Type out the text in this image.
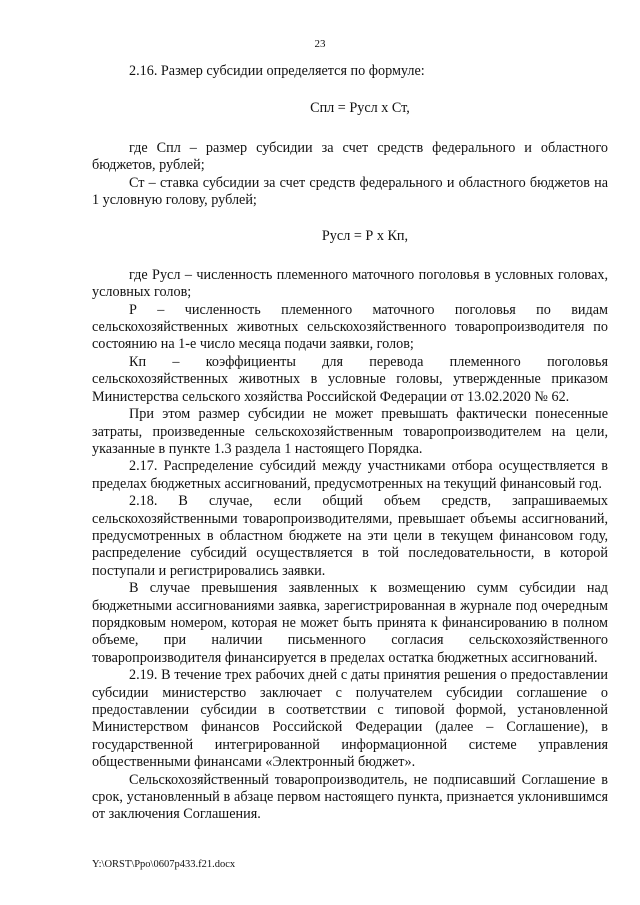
23

2.16. Размер субсидии определяется по формуле:

Спл = Русл х Ст,

где Спл – размер субсидии за счет средств федерального и областного бюджетов, рублей;

Ст – ставка субсидии за счет средств федерального и областного бюджетов на 1 условную голову, рублей;

Русл = Р х Кп,

где Русл – численность племенного маточного поголовья в условных головах, условных голов;

Р – численность племенного маточного поголовья по видам сельскохозяйственных животных сельскохозяйственного товаропроизводителя по состоянию на 1-е число месяца подачи заявки, голов;

Кп – коэффициенты для перевода племенного поголовья сельскохозяйственных животных в условные головы, утвержденные приказом Министерства сельского хозяйства Российской Федерации от 13.02.2020 № 62.

При этом размер субсидии не может превышать фактически понесенные затраты, произведенные сельскохозяйственным товаропроизводителем на цели, указанные в пункте 1.3 раздела 1 настоящего Порядка.

2.17. Распределение субсидий между участниками отбора осуществляется в пределах бюджетных ассигнований, предусмотренных на текущий финансовый год.

2.18. В случае, если общий объем средств, запрашиваемых сельскохозяйственными товаропроизводителями, превышает объемы ассигнований, предусмотренных в областном бюджете на эти цели в текущем финансовом году, распределение субсидий осуществляется в той последовательности, в которой поступали и регистрировались заявки.

В случае превышения заявленных к возмещению сумм субсидии над бюджетными ассигнованиями заявка, зарегистрированная в журнале под очередным порядковым номером, которая не может быть принята к финансированию в полном объеме, при наличии письменного согласия сельскохозяйственного товаропроизводителя финансируется в пределах остатка бюджетных ассигнований.

2.19. В течение трех рабочих дней с даты принятия решения о предоставлении субсидии министерство заключает с получателем субсидии соглашение о предоставлении субсидии в соответствии с типовой формой, установленной Министерством финансов Российской Федерации (далее – Соглашение), в государственной интегрированной информационной системе управления общественными финансами «Электронный бюджет».

Сельскохозяйственный товаропроизводитель, не подписавший Соглашение в срок, установленный в абзаце первом настоящего пункта, признается уклонившимся от заключения Соглашения.

Y:\ORST\Ppo\0607p433.f21.docx
